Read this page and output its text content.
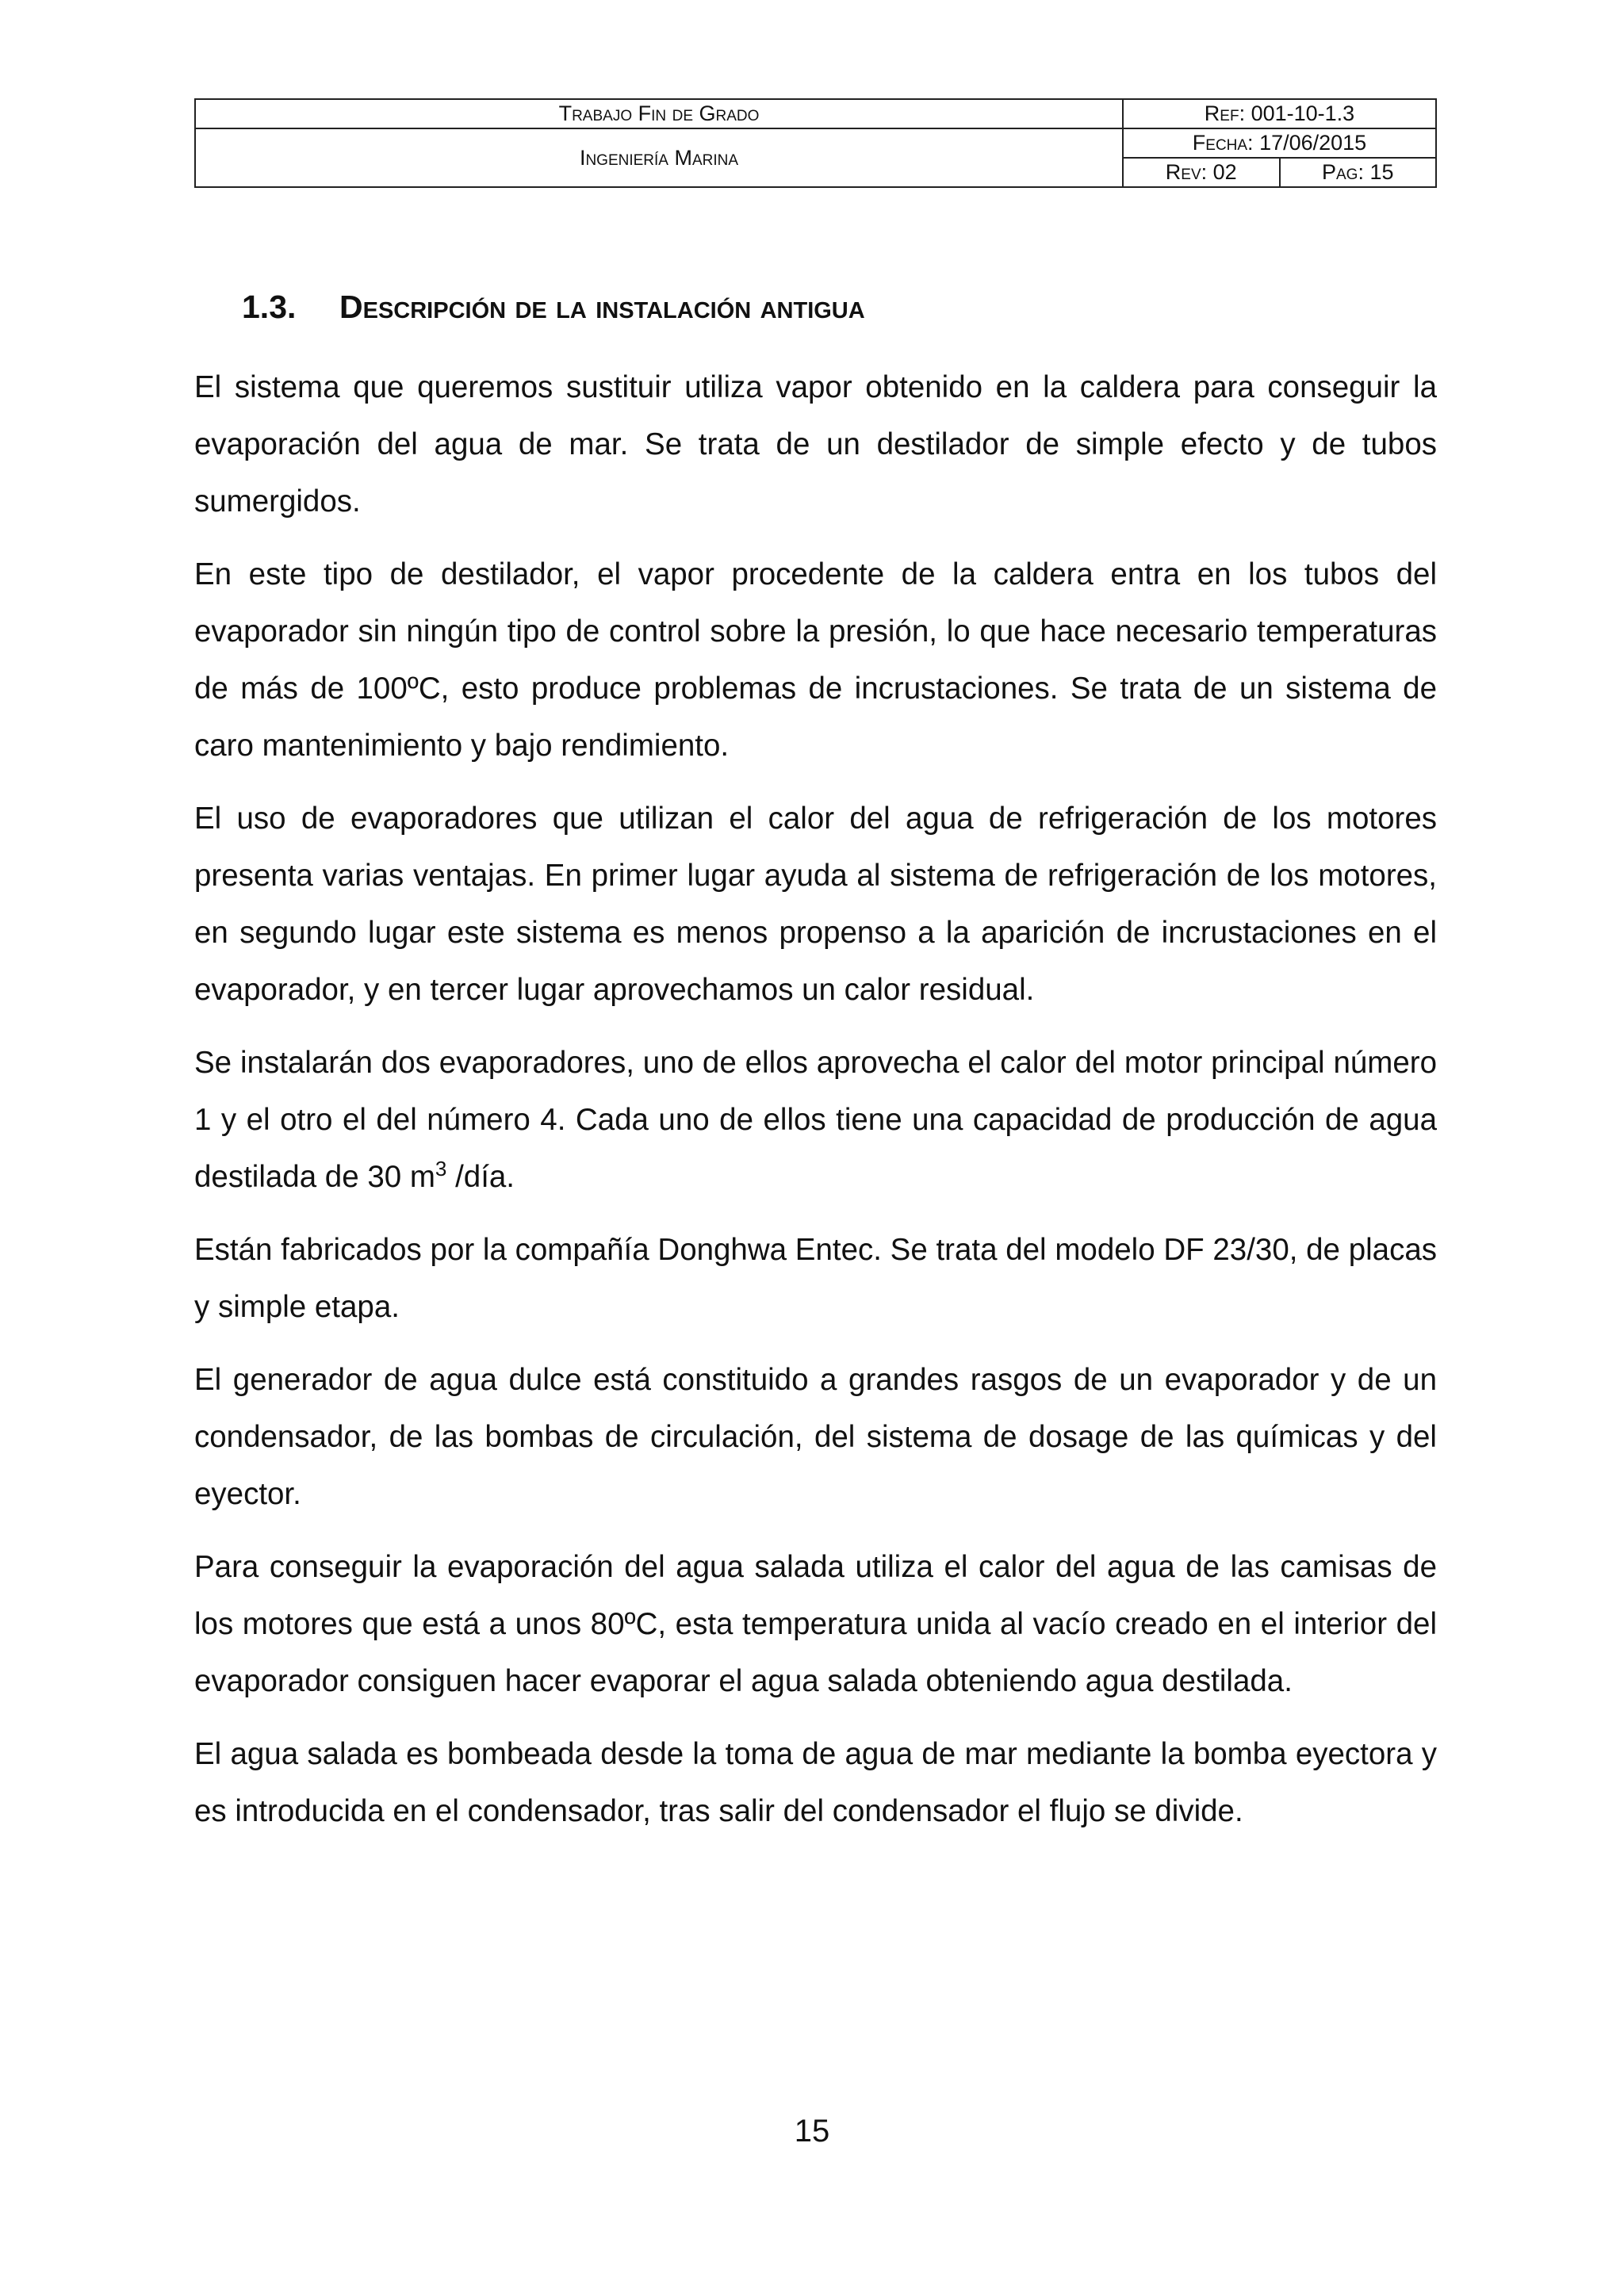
Trabajo Fin de Grado	Ref: 001-10-1.3	
Ingeniería Marina	Fecha: 17/06/2015	
	Rev: 02	Pag: 15
1.3. Descripción de la instalación antigua

El sistema que queremos sustituir utiliza vapor obtenido en la caldera para conseguir la evaporación del agua de mar. Se trata de un destilador de simple efecto y de tubos sumergidos.

En este tipo de destilador, el vapor procedente de la caldera entra en los tubos del evaporador sin ningún tipo de control sobre la presión, lo que hace necesario temperaturas de más de 100ºC, esto produce problemas de incrustaciones. Se trata de un sistema de caro mantenimiento y bajo rendimiento.

El uso de evaporadores que utilizan el calor del agua de refrigeración de los motores presenta varias ventajas. En primer lugar ayuda al sistema de refrigeración de los motores, en segundo lugar este sistema es menos propenso a la aparición de incrustaciones en el evaporador, y en tercer lugar aprovechamos un calor residual.

Se instalarán dos evaporadores, uno de ellos aprovecha el calor del motor principal número 1 y el otro el del número 4. Cada uno de ellos tiene una capacidad de producción de agua destilada de 30 $m^3$ /día.

Están fabricados por la compañía Donghwa Entec. Se trata del modelo DF 23/30, de placas y simple etapa.

El generador de agua dulce está constituido a grandes rasgos de un evaporador y de un condensador, de las bombas de circulación, del sistema de dosage de las químicas y del eyector.

Para conseguir la evaporación del agua salada utiliza el calor del agua de las camisas de los motores que está a unos 80ºC, esta temperatura unida al vacío creado en el interior del evaporador consiguen hacer evaporar el agua salada obteniendo agua destilada.

El agua salada es bombeada desde la toma de agua de mar mediante la bomba eyectora y es introducida en el condensador, tras salir del condensador el flujo se divide.

15
